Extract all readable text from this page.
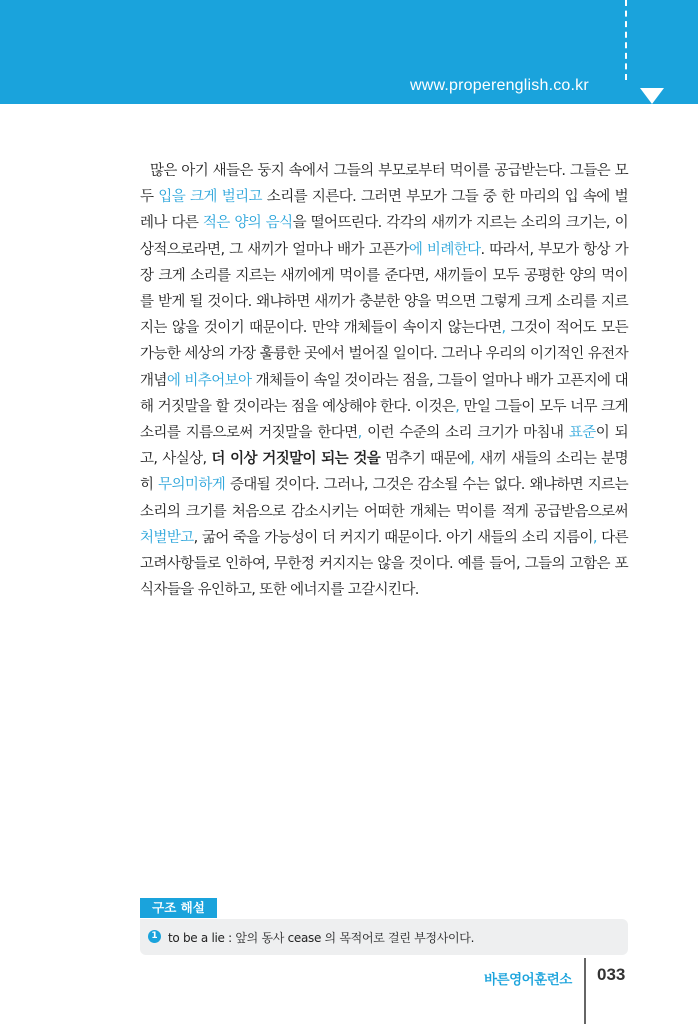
www.properenglish.co.kr

많은 아기 새들은 둥지 속에서 그들의 부모로부터 먹이를 공급받는다. 그들은 모두 입을 크게 벌리고 소리를 지른다. 그러면 부모가 그들 중 한 마리의 입 속에 벌레나 다른 적은 양의 음식을 떨어뜨린다. 각각의 새끼가 지르는 소리의 크기는, 이상적으로라면, 그 새끼가 얼마나 배가 고픈가에 비례한다. 따라서, 부모가 항상 가장 크게 소리를 지르는 새끼에게 먹이를 준다면, 새끼들이 모두 공평한 양의 먹이를 받게 될 것이다. 왜냐하면 새끼가 충분한 양을 먹으면 그렇게 크게 소리를 지르지는 않을 것이기 때문이다. 만약 개체들이 속이지 않는다면, 그것이 적어도 모든 가능한 세상의 가장 훌륭한 곳에서 벌어질 일이다. 그러나 우리의 이기적인 유전자 개념에 비추어보아 개체들이 속일 것이라는 점을, 그들이 얼마나 배가 고픈지에 대해 거짓말을 할 것이라는 점을 예상해야 한다. 이것은, 만일 그들이 모두 너무 크게 소리를 지름으로써 거짓말을 한다면, 이런 수준의 소리 크기가 마침내 표준이 되고, 사실상, 더 이상 거짓말이 되는 것을 멈추기 때문에, 새끼 새들의 소리는 분명히 무의미하게 증대될 것이다. 그러나, 그것은 감소될 수는 없다. 왜냐하면 지르는 소리의 크기를 처음으로 감소시키는 어떠한 개체는 먹이를 적게 공급받음으로써 처벌받고, 굶어 죽을 가능성이 더 커지기 때문이다. 아기 새들의 소리 지름이, 다른 고려사항들로 인하여, 무한정 커지지는 않을 것이다. 예를 들어, 그들의 고함은 포식자들을 유인하고, 또한 에너지를 고갈시킨다.

구조 해설
1 to be a lie : 앞의 동사 cease 의 목적어로 걸린 부정사이다.
바른영어훈련소 033
